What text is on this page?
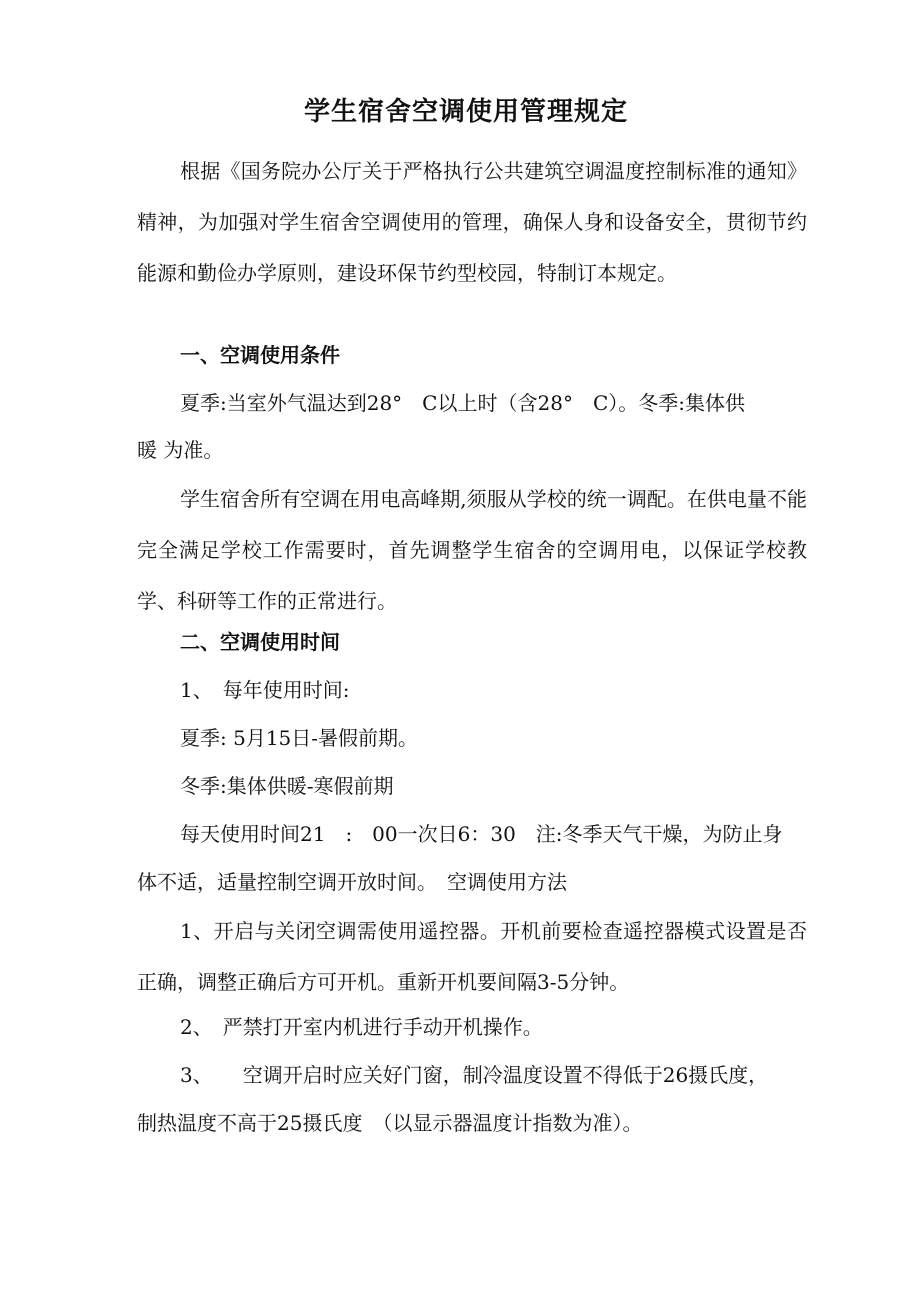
学生宿舍空调使用管理规定

根据《国务院办公厅关于严格执行公共建筑空调温度控制标准的通知》精神，为加强对学生宿舍空调使用的管理，确保人身和设备安全，贯彻节约能源和勤俭办学原则，建设环保节约型校园，特制订本规定。

一、空调使用条件

夏季:当室外气温达到28°　C以上时（含28°　C）。冬季:集体供

暖 为准。

学生宿舍所有空调在用电高峰期,须服从学校的统一调配。在供电量不能完全满足学校工作需要时，首先调整学生宿舍的空调用电，以保证学校教学、科研等工作的正常进行。

二、空调使用时间

1、　每年使用时间:

夏季: 5月15日-暑假前期。

冬季:集体供暖-寒假前期

每天使用时间21　:　00一次日6：30　注:冬季天气干燥，为防止身

体不适，适量控制空调开放时间。　空调使用方法

1、开启与关闭空调需使用遥控器。开机前要检查遥控器模式设置是否正确，调整正确后方可开机。重新开机要间隔3-5分钟。

2、　严禁打开室内机进行手动开机操作。

3、　　空调开启时应关好门窗，制冷温度设置不得低于26摄氏度，

制热温度不高于25摄氏度　（以显示器温度计指数为准）。
